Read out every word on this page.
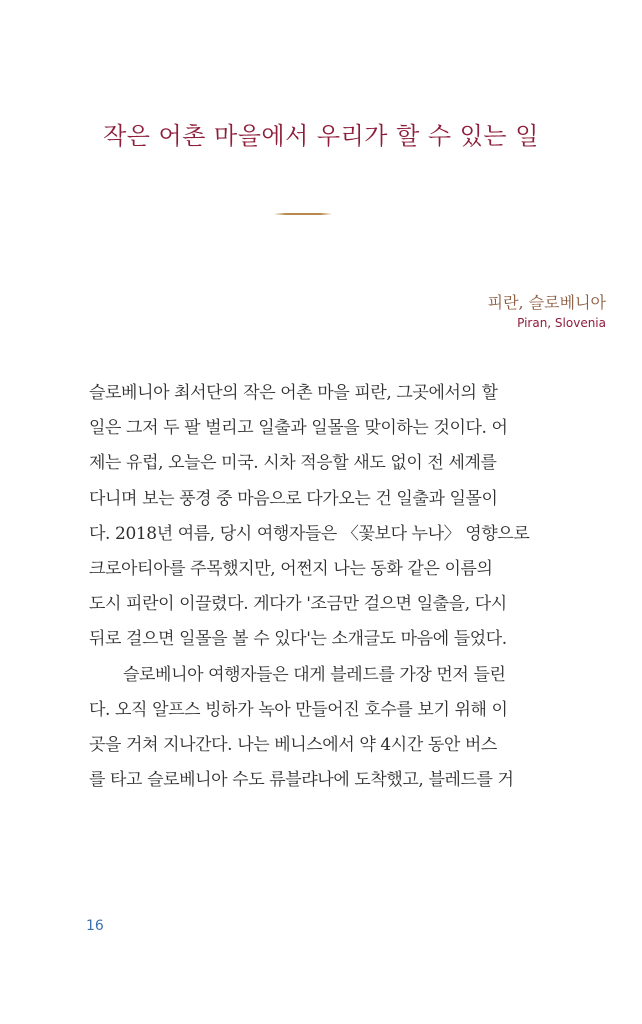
작은 어촌 마을에서 우리가 할 수 있는 일

피란, 슬로베니아

Piran, Slovenia

슬로베니아 최서단의 작은 어촌 마을 피란, 그곳에서의 할

일은 그저 두 팔 벌리고 일출과 일몰을 맞이하는 것이다. 어

제는 유럽, 오늘은 미국. 시차 적응할 새도 없이 전 세계를

다니며 보는 풍경 중 마음으로 다가오는 건 일출과 일몰이

다. 2018년 여름, 당시 여행자들은 〈꽃보다 누나〉 영향으로

크로아티아를 주목했지만, 어쩐지 나는 동화 같은 이름의

도시 피란이 이끌렸다. 게다가 '조금만 걸으면 일출을, 다시

뒤로 걸으면 일몰을 볼 수 있다'는 소개글도 마음에 들었다.

슬로베니아 여행자들은 대게 블레드를 가장 먼저 들린

다. 오직 알프스 빙하가 녹아 만들어진 호수를 보기 위해 이

곳을 거쳐 지나간다. 나는 베니스에서 약 4시간 동안 버스

를 타고 슬로베니아 수도 류블랴나에 도착했고, 블레드를 거

16
